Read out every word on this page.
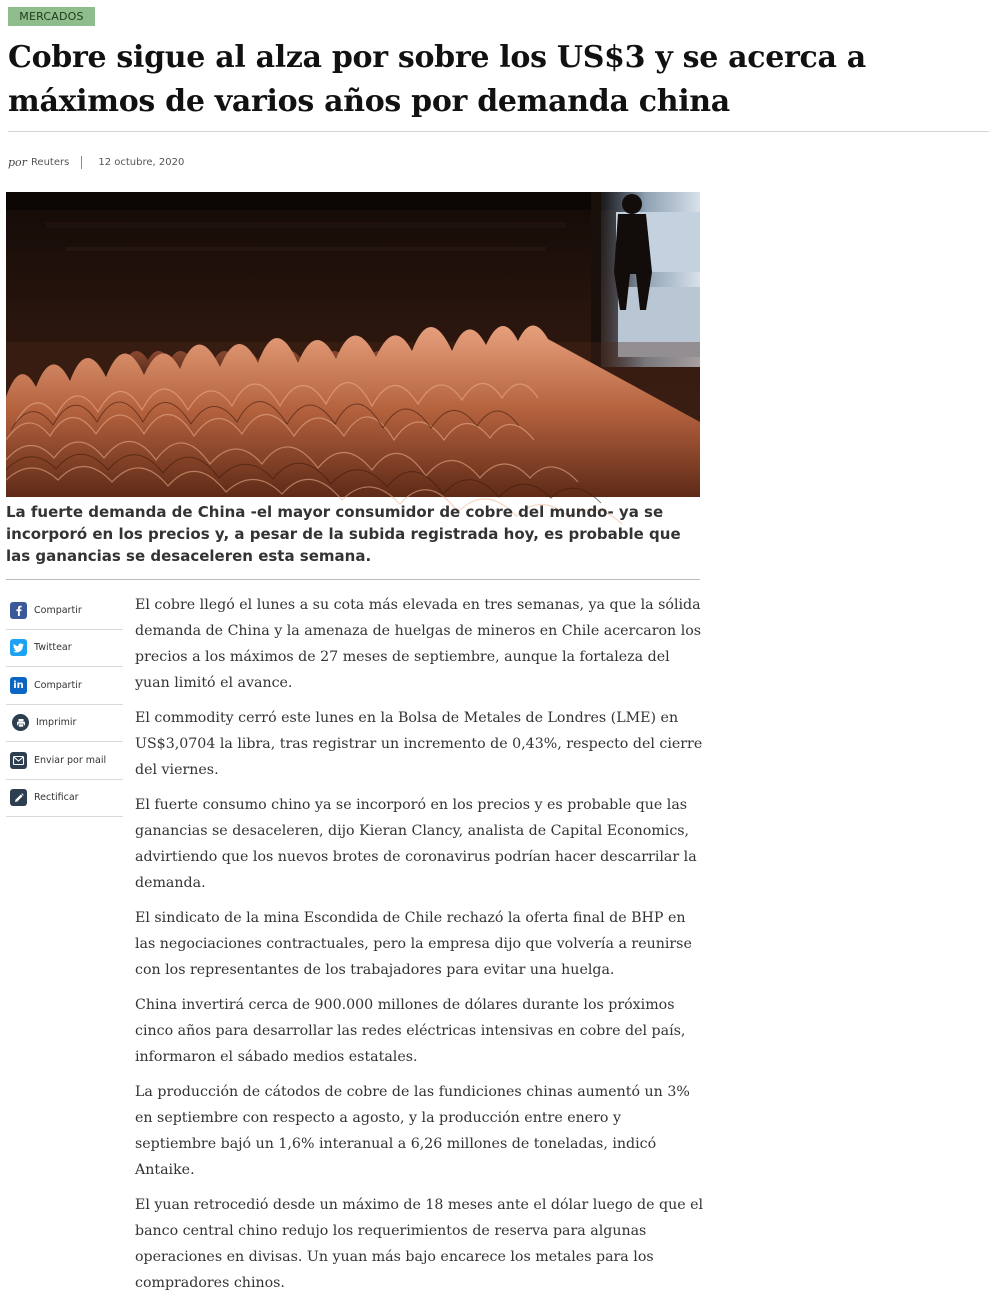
MERCADOS
Cobre sigue al alza por sobre los US$3 y se acerca a máximos de varios años por demanda china
por Reuters	12 octubre, 2020
La fuerte demanda de China -el mayor consumidor de cobre del mundo- ya se incorporó en los precios y, a pesar de la subida registrada hoy, es probable que las ganancias se desaceleren esta semana.
Compartir
Twittear
in	Compartir
Imprimir
Enviar por mail
Rectificar

El cobre llegó el lunes a su cota más elevada en tres semanas, ya que la sólida demanda de China y la amenaza de huelgas de mineros en Chile acercaron los precios a los máximos de 27 meses de septiembre, aunque la fortaleza del yuan limitó el avance.

El commodity cerró este lunes en la Bolsa de Metales de Londres (LME) en US$3,0704 la libra, tras registrar un incremento de 0,43%, respecto del cierre del viernes.

El fuerte consumo chino ya se incorporó en los precios y es probable que las ganancias se desaceleren, dijo Kieran Clancy, analista de Capital Economics, advirtiendo que los nuevos brotes de coronavirus podrían hacer descarrilar la demanda.

El sindicato de la mina Escondida de Chile rechazó la oferta final de BHP en las negociaciones contractuales, pero la empresa dijo que volvería a reunirse con los representantes de los trabajadores para evitar una huelga.

China invertirá cerca de 900.000 millones de dólares durante los próximos cinco años para desarrollar las redes eléctricas intensivas en cobre del país, informaron el sábado medios estatales.

La producción de cátodos de cobre de las fundiciones chinas aumentó un 3% en septiembre con respecto a agosto, y la producción entre enero y septiembre bajó un 1,6% interanual a 6,26 millones de toneladas, indicó Antaike.

El yuan retrocedió desde un máximo de 18 meses ante el dólar luego de que el banco central chino redujo los requerimientos de reserva para algunas operaciones en divisas. Un yuan más bajo encarece los metales para los compradores chinos.
